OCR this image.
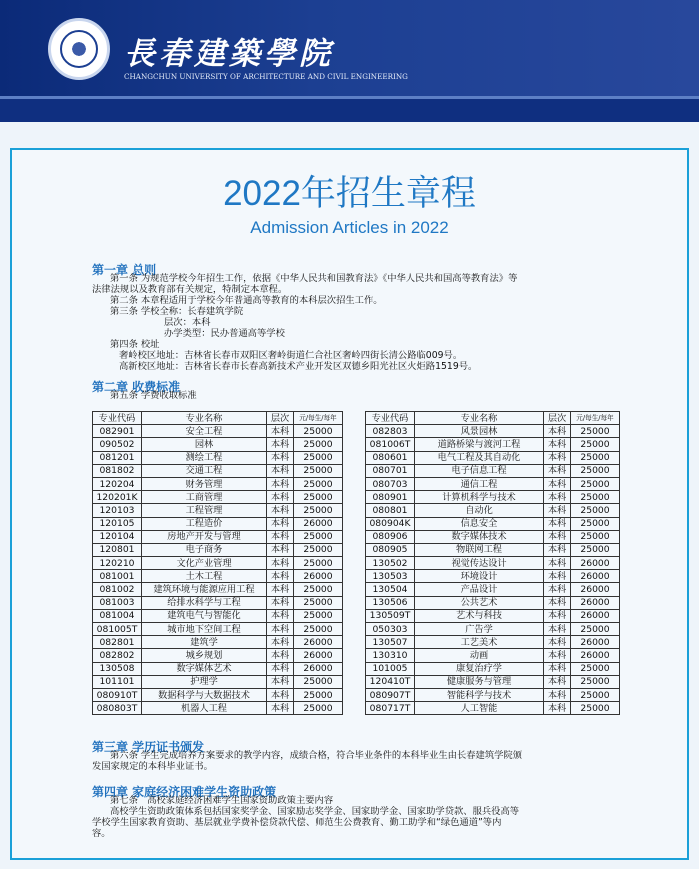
長春建築學院
CHANGCHUN UNIVERSITY OF ARCHITECTURE AND CIVIL ENGINEERING
2022年招生章程
Admission Articles in 2022
第一章 总则
第一条 为规范学校今年招生工作，依据《中华人民共和国教育法》《中华人民共和国高等教育法》等
法律法规以及教育部有关规定，特制定本章程。
第二条 本章程适用于学校今年普通高等教育的本科层次招生工作。
第三条 学校全称：长春建筑学院
层次：本科
办学类型：民办普通高等学校
第四条 校址
奢岭校区地址：吉林省长春市双阳区奢岭街道仁合社区奢岭四街长清公路临009号。
高新校区地址：吉林省长春市长春高新技术产业开发区双德乡阳光社区火炬路1519号。
第二章 收费标准
第五条 学费收取标准
专业代码	专业名称	层次	元/每生/每年
082901	安全工程	本科	25000
090502	园林	本科	25000
081201	测绘工程	本科	25000
081802	交通工程	本科	25000
120204	财务管理	本科	25000
120201K	工商管理	本科	25000
120103	工程管理	本科	25000
120105	工程造价	本科	26000
120104	房地产开发与管理	本科	25000
120801	电子商务	本科	25000
120210	文化产业管理	本科	25000
081001	土木工程	本科	26000
081002	建筑环境与能源应用工程	本科	25000
081003	给排水科学与工程	本科	25000
081004	建筑电气与智能化	本科	25000
081005T	城市地下空间工程	本科	25000
082801	建筑学	本科	26000
082802	城乡规划	本科	26000
130508	数字媒体艺术	本科	26000
101101	护理学	本科	25000
080910T	数据科学与大数据技术	本科	25000
080803T	机器人工程	本科	25000
专业代码	专业名称	层次	元/每生/每年
082803	风景园林	本科	25000
081006T	道路桥梁与渡河工程	本科	25000
080601	电气工程及其自动化	本科	25000
080701	电子信息工程	本科	25000
080703	通信工程	本科	25000
080901	计算机科学与技术	本科	25000
080801	自动化	本科	25000
080904K	信息安全	本科	25000
080906	数字媒体技术	本科	25000
080905	物联网工程	本科	25000
130502	视觉传达设计	本科	26000
130503	环境设计	本科	26000
130504	产品设计	本科	26000
130506	公共艺术	本科	26000
130509T	艺术与科技	本科	26000
050303	广告学	本科	25000
130507	工艺美术	本科	26000
130310	动画	本科	26000
101005	康复治疗学	本科	25000
120410T	健康服务与管理	本科	25000
080907T	智能科学与技术	本科	25000
080717T	人工智能	本科	25000
第三章 学历证书颁发
第六条 学生完成培养方案要求的教学内容，成绩合格，符合毕业条件的本科毕业生由长春建筑学院颁
发国家规定的本科毕业证书。
第四章 家庭经济困难学生资助政策
第七条　高校家庭经济困难学生国家资助政策主要内容
高校学生资助政策体系包括国家奖学金、国家励志奖学金、国家助学金、国家助学贷款、服兵役高等
学校学生国家教育资助、基层就业学费补偿贷款代偿、师范生公费教育、勤工助学和“绿色通道”等内
容。
